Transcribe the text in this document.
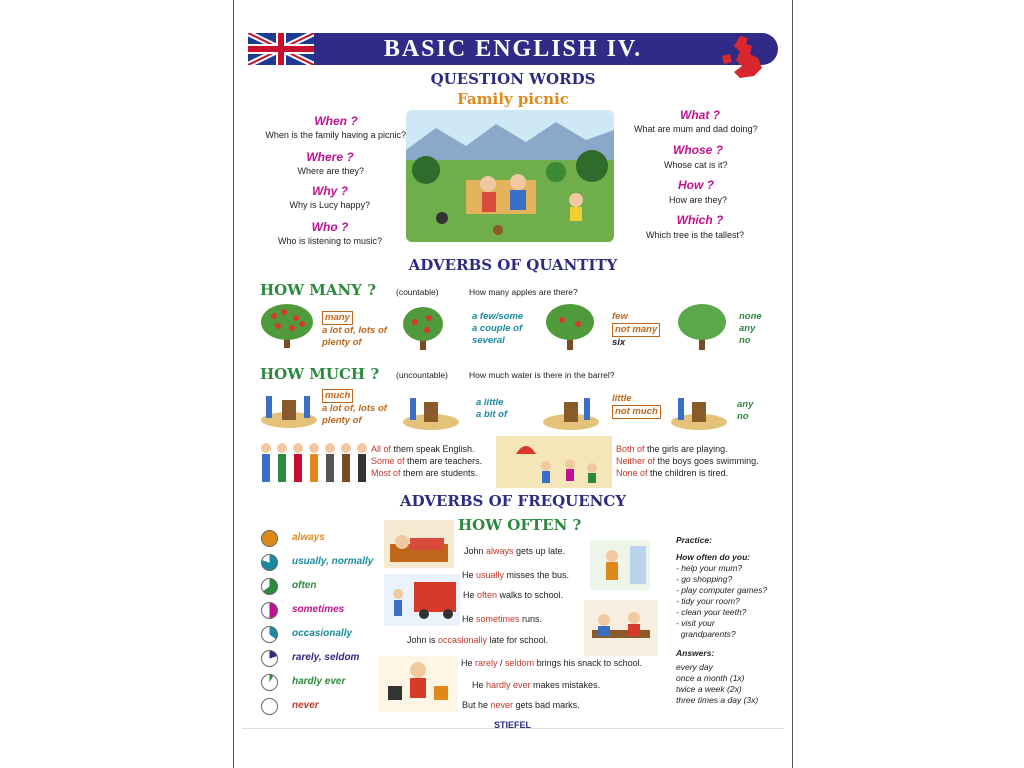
BASIC ENGLISH IV.
QUESTION WORDS
Family picnic
When ?
When is the family having a picnic?
Where ?
Where are they?
Why ?
Why is Lucy happy?
Who ?
Who is listening to music?
What ?
What are mum and dad doing?
Whose ?
Whose cat is it?
How ?
How are they?
Which ?
Which tree is the tallest?
ADVERBS OF QUANTITY
HOW MANY ? (countable)	How many apples are there?
many
a lot of, lots of
plenty of
a few/some
a couple of
several
few
not many
six
none
any
no
HOW MUCH ? (uncountable) How much water is there in the barrel?
much
a lot of, lots of
plenty of
a little
a bit of
little
not much
any
no
All of them speak English.
Some of them are teachers.
Most of them are students.
Both of the girls are playing.
Neither of the boys goes swimming.
None of the children is tired.
ADVERBS OF FREQUENCY
HOW OFTEN ?
always
usually, normally
often
sometimes
occasionally
rarely, seldom
hardly ever
never
John always gets up late.
He usually misses the bus.
He often walks to school.
He sometimes runs.
John is occasionally late for school.
He rarely / seldom brings his snack to school.
He hardly ever makes mistakes.
But he never gets bad marks.
Practice:
How often do you:
- help your mum?
- go shopping?
- play computer games?
- tidy your room?
- clean your teeth?
- visit your
grandparents?
Answers:
every day
once a month (1x)
twice a week (2x)
three times a day (3x)
STIEFEL
